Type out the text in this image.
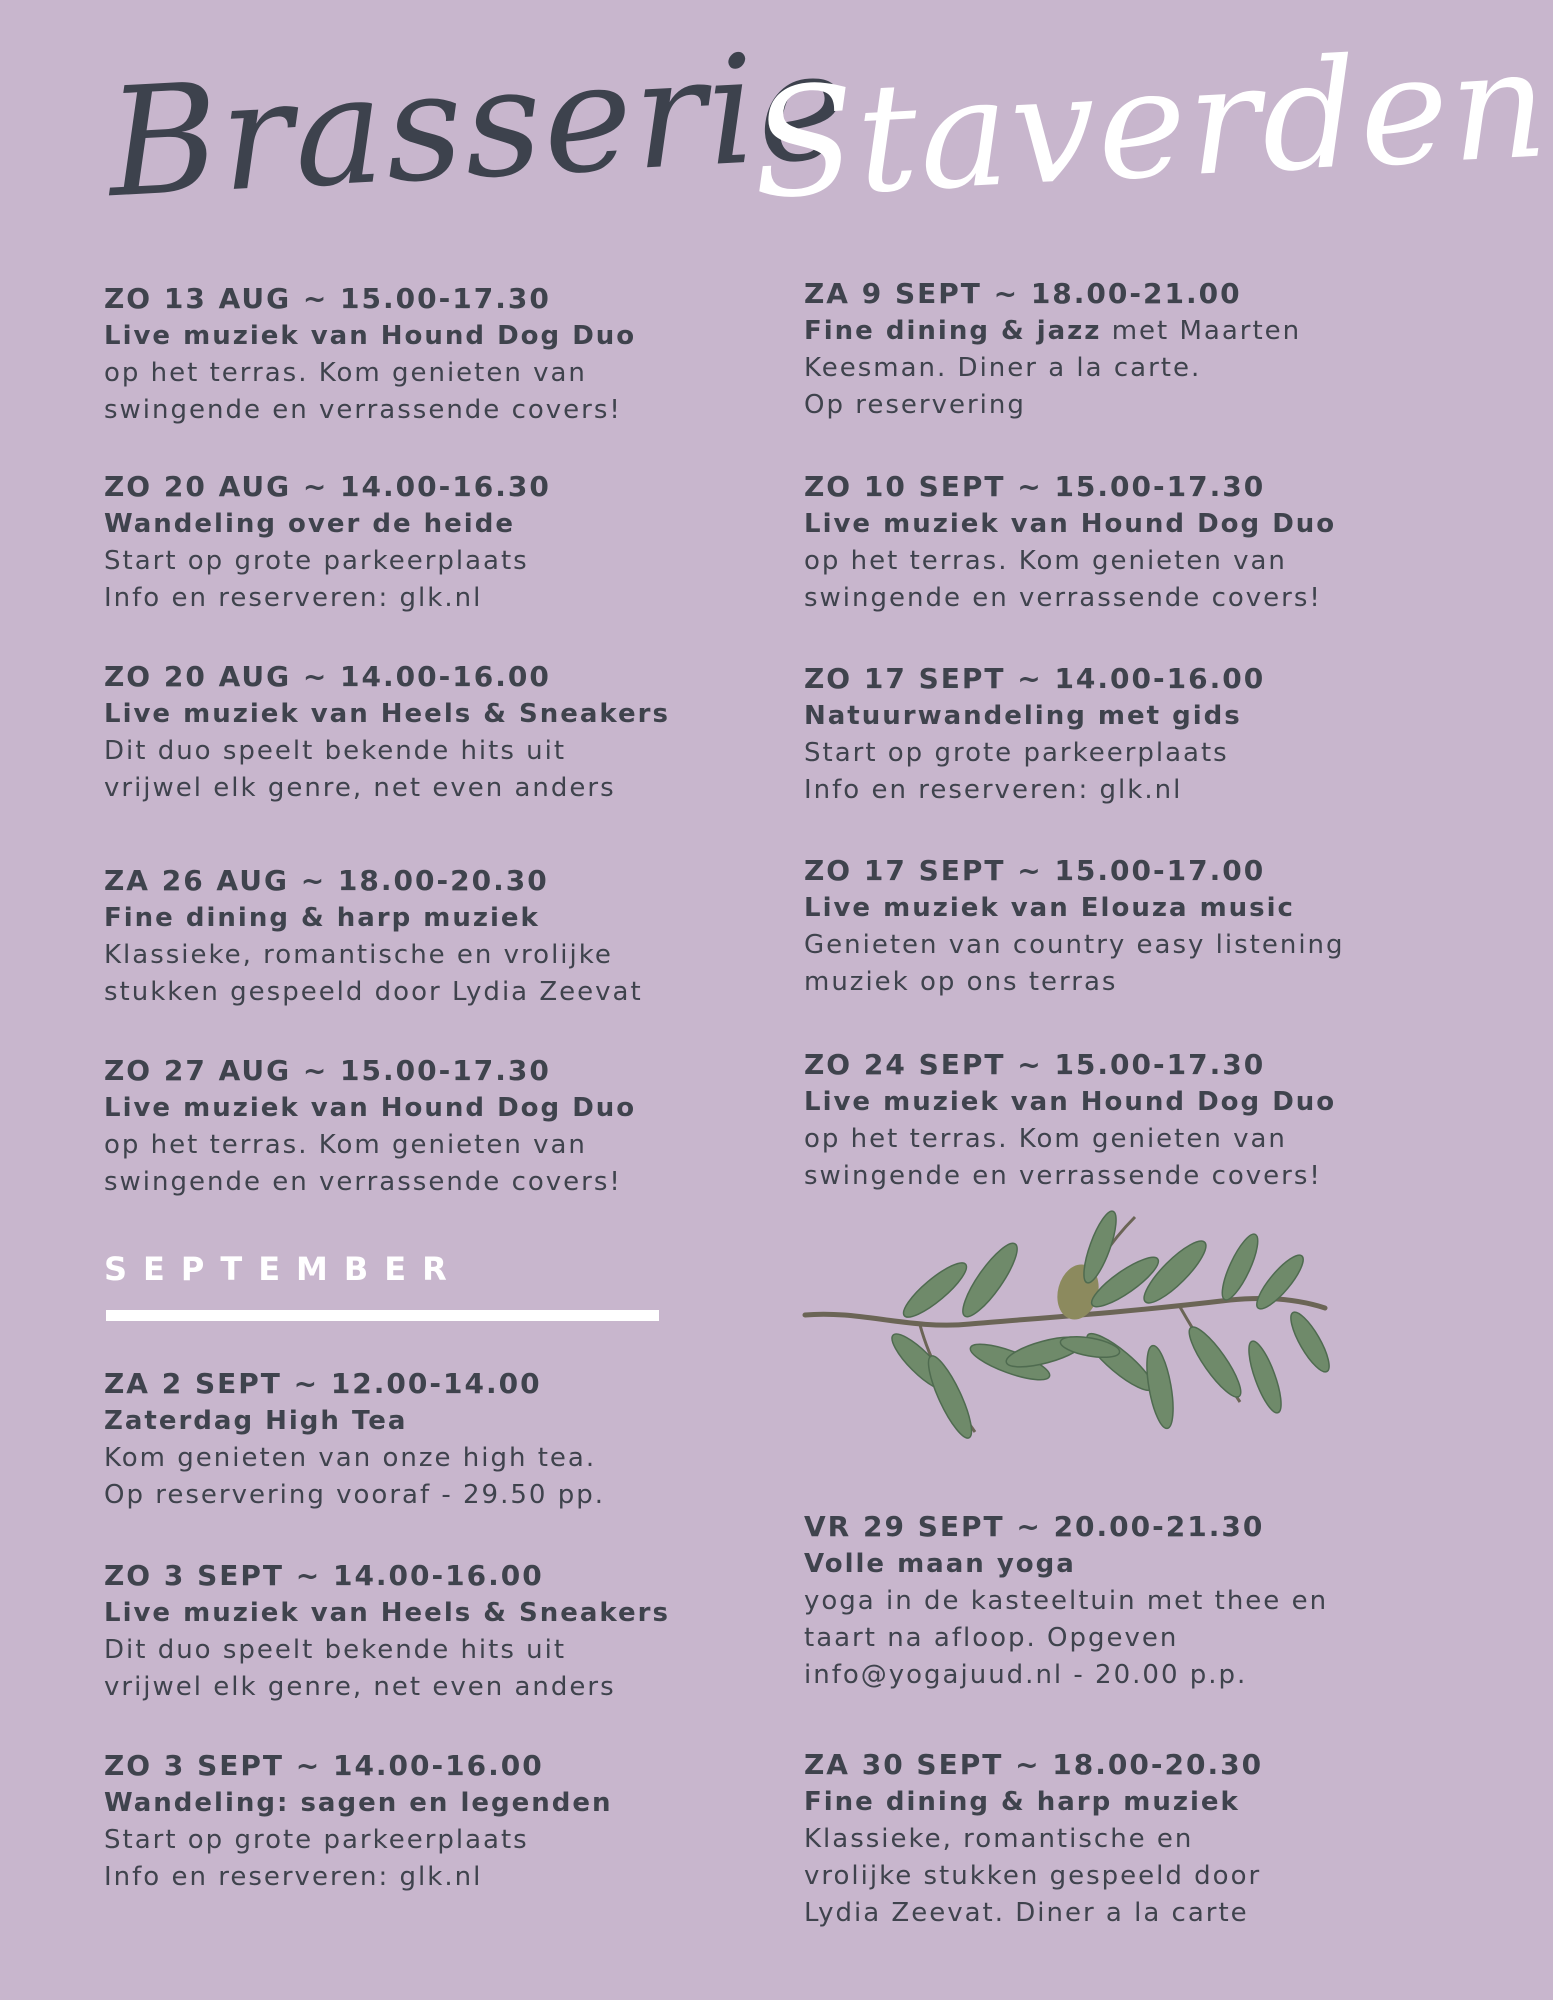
Brasserie
Staverden
ZO 13 AUG ~ 15.00-17.30
Live muziek van Hound Dog Duo
op het terras. Kom genieten van
swingende en verrassende covers!
ZO 20 AUG ~ 14.00-16.30
Wandeling over de heide
Start op grote parkeerplaats
Info en reserveren: glk.nl
ZO 20 AUG ~ 14.00-16.00
Live muziek van Heels & Sneakers
Dit duo speelt bekende hits uit
vrijwel elk genre, net even anders
ZA 26 AUG ~ 18.00-20.30
Fine dining & harp muziek
Klassieke, romantische en vrolijke
stukken gespeeld door Lydia Zeevat
ZO 27 AUG ~ 15.00-17.30
Live muziek van Hound Dog Duo
op het terras. Kom genieten van
swingende en verrassende covers!
ZA 2 SEPT ~ 12.00-14.00
Zaterdag High Tea
Kom genieten van onze high tea.
Op reservering vooraf - 29.50 pp.
ZO 3 SEPT ~ 14.00-16.00
Live muziek van Heels & Sneakers
Dit duo speelt bekende hits uit
vrijwel elk genre, net even anders
ZO 3 SEPT ~ 14.00-16.00
Wandeling: sagen en legenden
Start op grote parkeerplaats
Info en reserveren: glk.nl
ZA 9 SEPT ~ 18.00-21.00
Fine dining & jazz met Maarten
Keesman. Diner a la carte.
Op reservering
ZO 10 SEPT ~ 15.00-17.30
Live muziek van Hound Dog Duo
op het terras. Kom genieten van
swingende en verrassende covers!
ZO 17 SEPT ~ 14.00-16.00
Natuurwandeling met gids
Start op grote parkeerplaats
Info en reserveren: glk.nl
ZO 17 SEPT ~ 15.00-17.00
Live muziek van Elouza music
Genieten van country easy listening
muziek op ons terras
ZO 24 SEPT ~ 15.00-17.30
Live muziek van Hound Dog Duo
op het terras. Kom genieten van
swingende en verrassende covers!
VR 29 SEPT ~ 20.00-21.30
Volle maan yoga
yoga in de kasteeltuin met thee en
taart na afloop. Opgeven
info@yogajuud.nl - 20.00 p.p.
ZA 30 SEPT ~ 18.00-20.30
Fine dining & harp muziek
Klassieke, romantische en
vrolijke stukken gespeeld door
Lydia Zeevat. Diner a la carte
SEPTEMBER
